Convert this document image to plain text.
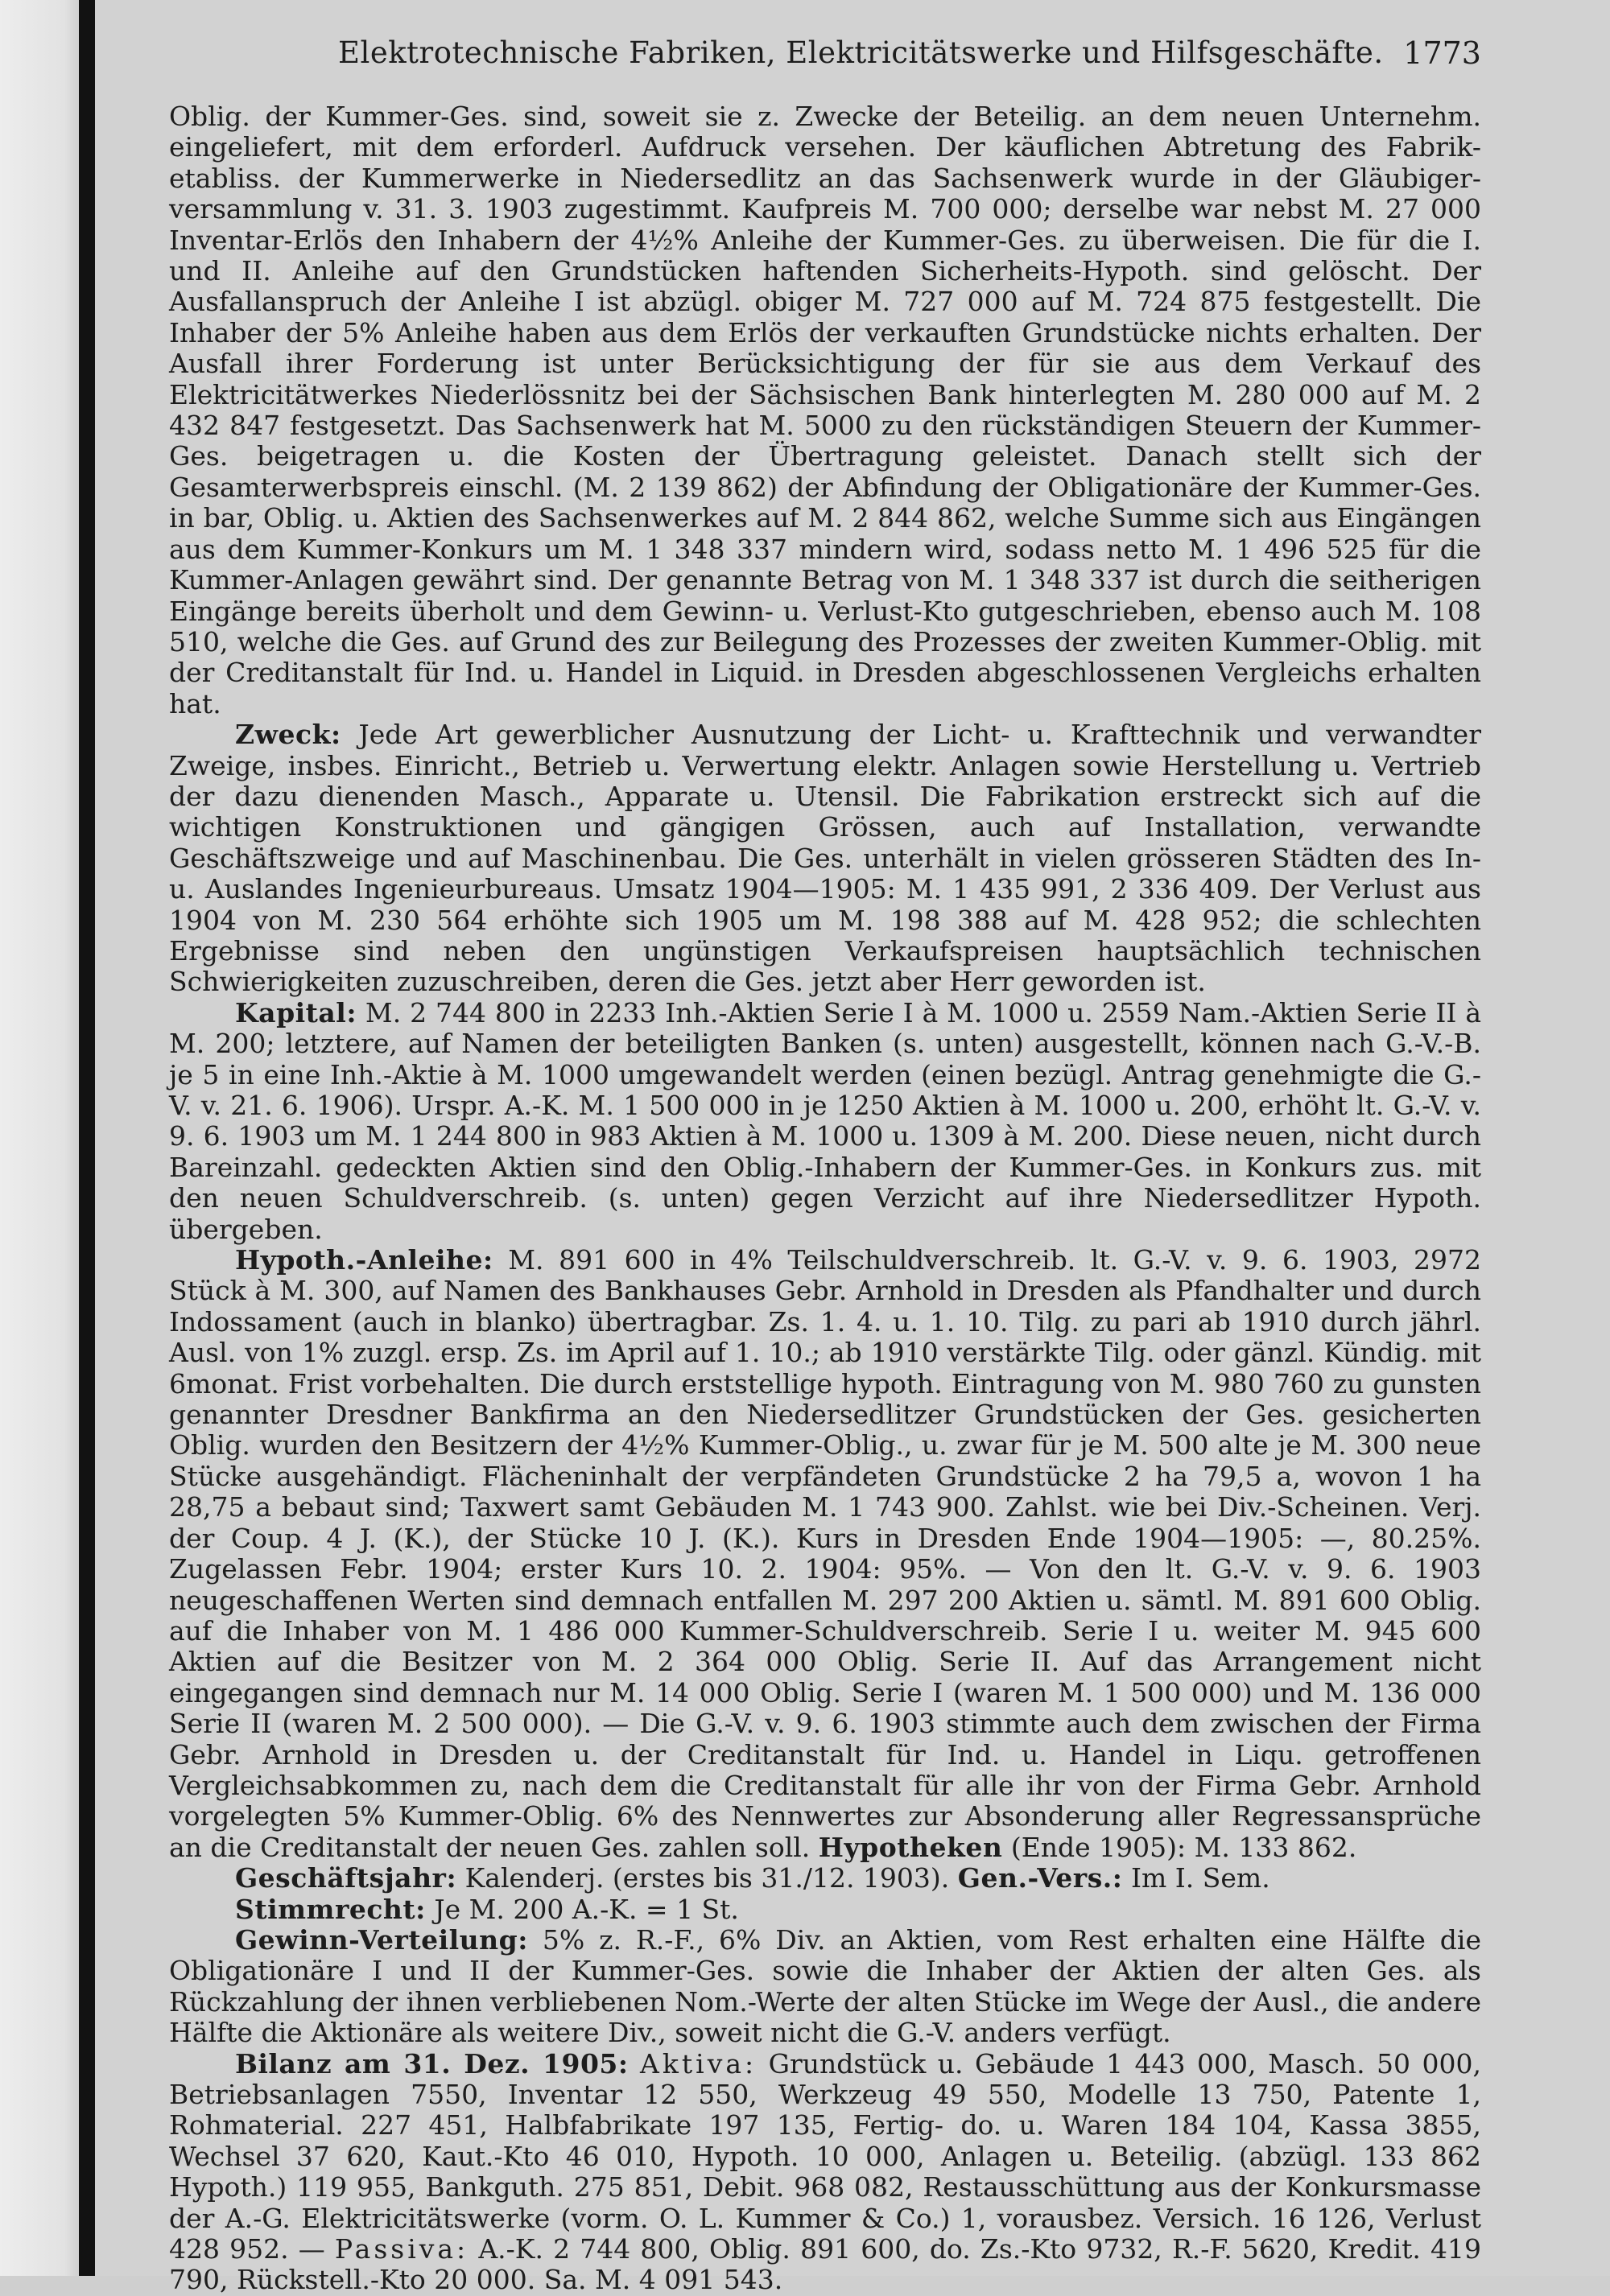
Elektrotechnische Fabriken, Elektricitätswerke und Hilfsgeschäfte. 1773

Oblig. der Kummer-Ges. sind, soweit sie z. Zwecke der Beteilig. an dem neuen Unternehm. eingeliefert, mit dem erforderl. Aufdruck versehen. Der käuflichen Abtretung des Fabrik-etabliss. der Kummerwerke in Niedersedlitz an das Sachsenwerk wurde in der Gläubiger-versammlung v. 31. 3. 1903 zugestimmt. Kaufpreis M. 700 000; derselbe war nebst M. 27 000 Inventar-Erlös den Inhabern der 4½% Anleihe der Kummer-Ges. zu überweisen. Die für die I. und II. Anleihe auf den Grundstücken haftenden Sicherheits-Hypoth. sind gelöscht. Der Ausfallanspruch der Anleihe I ist abzügl. obiger M. 727 000 auf M. 724 875 festgestellt. Die Inhaber der 5% Anleihe haben aus dem Erlös der verkauften Grundstücke nichts erhalten. Der Ausfall ihrer Forderung ist unter Berücksichtigung der für sie aus dem Verkauf des Elektricitätwerkes Niederlössnitz bei der Sächsischen Bank hinterlegten M. 280 000 auf M. 2 432 847 festgesetzt. Das Sachsenwerk hat M. 5000 zu den rückständigen Steuern der Kummer-Ges. beigetragen u. die Kosten der Übertragung geleistet. Danach stellt sich der Gesamterwerbspreis einschl. (M. 2 139 862) der Abfindung der Obligationäre der Kummer-Ges. in bar, Oblig. u. Aktien des Sachsenwerkes auf M. 2 844 862, welche Summe sich aus Eingängen aus dem Kummer-Konkurs um M. 1 348 337 mindern wird, sodass netto M. 1 496 525 für die Kummer-Anlagen gewährt sind. Der genannte Betrag von M. 1 348 337 ist durch die seitherigen Eingänge bereits überholt und dem Gewinn- u. Verlust-Kto gutgeschrieben, ebenso auch M. 108 510, welche die Ges. auf Grund des zur Beilegung des Prozesses der zweiten Kummer-Oblig. mit der Creditanstalt für Ind. u. Handel in Liquid. in Dresden abgeschlossenen Vergleichs erhalten hat.

Zweck: Jede Art gewerblicher Ausnutzung der Licht- u. Krafttechnik und verwandter Zweige, insbes. Einricht., Betrieb u. Verwertung elektr. Anlagen sowie Herstellung u. Vertrieb der dazu dienenden Masch., Apparate u. Utensil. Die Fabrikation erstreckt sich auf die wichtigen Konstruktionen und gängigen Grössen, auch auf Installation, verwandte Geschäftszweige und auf Maschinenbau. Die Ges. unterhält in vielen grösseren Städten des In- u. Auslandes Ingenieurbureaus. Umsatz 1904—1905: M. 1 435 991, 2 336 409. Der Verlust aus 1904 von M. 230 564 erhöhte sich 1905 um M. 198 388 auf M. 428 952; die schlechten Ergebnisse sind neben den ungünstigen Verkaufspreisen hauptsächlich technischen Schwierigkeiten zuzuschreiben, deren die Ges. jetzt aber Herr geworden ist.

Kapital: M. 2 744 800 in 2233 Inh.-Aktien Serie I à M. 1000 u. 2559 Nam.-Aktien Serie II à M. 200; letztere, auf Namen der beteiligten Banken (s. unten) ausgestellt, können nach G.-V.-B. je 5 in eine Inh.-Aktie à M. 1000 umgewandelt werden (einen bezügl. Antrag genehmigte die G.-V. v. 21. 6. 1906). Urspr. A.-K. M. 1 500 000 in je 1250 Aktien à M. 1000 u. 200, erhöht lt. G.-V. v. 9. 6. 1903 um M. 1 244 800 in 983 Aktien à M. 1000 u. 1309 à M. 200. Diese neuen, nicht durch Bareinzahl. gedeckten Aktien sind den Oblig.-Inhabern der Kummer-Ges. in Konkurs zus. mit den neuen Schuldverschreib. (s. unten) gegen Verzicht auf ihre Niedersedlitzer Hypoth. übergeben.

Hypoth.-Anleihe: M. 891 600 in 4% Teilschuldverschreib. lt. G.-V. v. 9. 6. 1903, 2972 Stück à M. 300, auf Namen des Bankhauses Gebr. Arnhold in Dresden als Pfandhalter und durch Indossament (auch in blanko) übertragbar. Zs. 1. 4. u. 1. 10. Tilg. zu pari ab 1910 durch jährl. Ausl. von 1% zuzgl. ersp. Zs. im April auf 1. 10.; ab 1910 verstärkte Tilg. oder gänzl. Kündig. mit 6monat. Frist vorbehalten. Die durch erststellige hypoth. Eintragung von M. 980 760 zu gunsten genannter Dresdner Bankfirma an den Niedersedlitzer Grundstücken der Ges. gesicherten Oblig. wurden den Besitzern der 4½% Kummer-Oblig., u. zwar für je M. 500 alte je M. 300 neue Stücke ausgehändigt. Flächeninhalt der verpfändeten Grundstücke 2 ha 79,5 a, wovon 1 ha 28,75 a bebaut sind; Taxwert samt Gebäuden M. 1 743 900. Zahlst. wie bei Div.-Scheinen. Verj. der Coup. 4 J. (K.), der Stücke 10 J. (K.). Kurs in Dresden Ende 1904—1905: —, 80.25%. Zugelassen Febr. 1904; erster Kurs 10. 2. 1904: 95%. — Von den lt. G.-V. v. 9. 6. 1903 neugeschaffenen Werten sind demnach entfallen M. 297 200 Aktien u. sämtl. M. 891 600 Oblig. auf die Inhaber von M. 1 486 000 Kummer-Schuldverschreib. Serie I u. weiter M. 945 600 Aktien auf die Besitzer von M. 2 364 000 Oblig. Serie II. Auf das Arrangement nicht eingegangen sind demnach nur M. 14 000 Oblig. Serie I (waren M. 1 500 000) und M. 136 000 Serie II (waren M. 2 500 000). — Die G.-V. v. 9. 6. 1903 stimmte auch dem zwischen der Firma Gebr. Arnhold in Dresden u. der Creditanstalt für Ind. u. Handel in Liqu. getroffenen Vergleichsabkommen zu, nach dem die Creditanstalt für alle ihr von der Firma Gebr. Arnhold vorgelegten 5% Kummer-Oblig. 6% des Nennwertes zur Absonderung aller Regressansprüche an die Creditanstalt der neuen Ges. zahlen soll. Hypotheken (Ende 1905): M. 133 862.

Geschäftsjahr: Kalenderj. (erstes bis 31./12. 1903). Gen.-Vers.: Im I. Sem.

Stimmrecht: Je M. 200 A.-K. = 1 St.

Gewinn-Verteilung: 5% z. R.-F., 6% Div. an Aktien, vom Rest erhalten eine Hälfte die Obligationäre I und II der Kummer-Ges. sowie die Inhaber der Aktien der alten Ges. als Rückzahlung der ihnen verbliebenen Nom.-Werte der alten Stücke im Wege der Ausl., die andere Hälfte die Aktionäre als weitere Div., soweit nicht die G.-V. anders verfügt.

Bilanz am 31. Dez. 1905: Aktiva: Grundstück u. Gebäude 1 443 000, Masch. 50 000, Betriebsanlagen 7550, Inventar 12 550, Werkzeug 49 550, Modelle 13 750, Patente 1, Rohmaterial. 227 451, Halbfabrikate 197 135, Fertig- do. u. Waren 184 104, Kassa 3855, Wechsel 37 620, Kaut.-Kto 46 010, Hypoth. 10 000, Anlagen u. Beteilig. (abzügl. 133 862 Hypoth.) 119 955, Bankguth. 275 851, Debit. 968 082, Restausschüttung aus der Konkursmasse der A.-G. Elektricitätswerke (vorm. O. L. Kummer & Co.) 1, vorausbez. Versich. 16 126, Verlust 428 952. — Passiva: A.-K. 2 744 800, Oblig. 891 600, do. Zs.-Kto 9732, R.-F. 5620, Kredit. 419 790, Rückstell.-Kto 20 000. Sa. M. 4 091 543.
